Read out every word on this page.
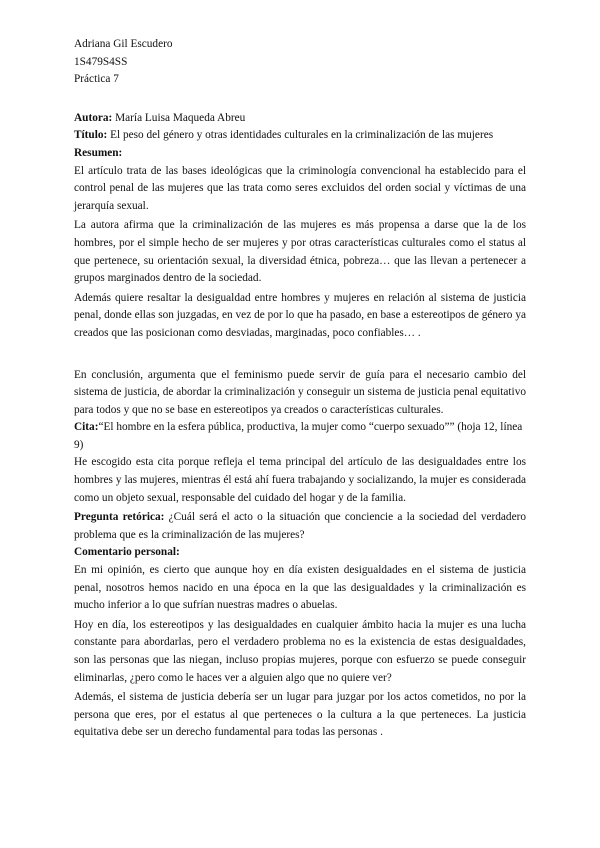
Adriana Gil Escudero

1S479S4SS

Práctica 7

Autora: María Luisa Maqueda Abreu

Título: El peso del género y otras identidades culturales en la criminalización de las mujeres

Resumen:

El artículo trata de las bases ideológicas que la criminología convencional ha establecido para el control penal de las mujeres que las trata como seres excluidos del orden social y víctimas de una jerarquía sexual.

La autora afirma que la criminalización de las mujeres es más propensa a darse que la de los hombres, por el simple hecho de ser mujeres y por otras características culturales como el status al que pertenece, su orientación sexual, la diversidad étnica, pobreza… que las llevan a pertenecer a grupos marginados dentro de la sociedad.

Además quiere resaltar la desigualdad entre hombres y mujeres en relación al sistema de justicia penal, donde ellas son juzgadas, en vez de por lo que ha pasado, en base a estereotipos de género ya creados que las posicionan como desviadas, marginadas, poco confiables… .

En conclusión, argumenta que el feminismo puede servir de guía para el necesario cambio del sistema de justicia, de abordar la criminalización y conseguir un sistema de justicia penal equitativo para todos y que no se base en estereotipos ya creados o características culturales.

Cita:“El hombre en la esfera pública, productiva, la mujer como “cuerpo sexuado”” (hoja 12, línea 9)

He escogido esta cita porque refleja el tema principal del artículo de las desigualdades entre los hombres y las mujeres, mientras él está ahí fuera trabajando y socializando, la mujer es considerada como un objeto sexual, responsable del cuidado del hogar y de la familia.

Pregunta retórica: ¿Cuál será el acto o la situación que conciencie a la sociedad del verdadero problema que es la criminalización de las mujeres?

Comentario personal:

En mi opinión, es cierto que aunque hoy en día existen desigualdades en el sistema de justicia penal, nosotros hemos nacido en una época en la que las desigualdades y la criminalización es mucho inferior a lo que sufrían nuestras madres o abuelas.

Hoy en día, los estereotipos y las desigualdades en cualquier ámbito hacia la mujer es una lucha constante para abordarlas, pero el verdadero problema no es la existencia de estas desigualdades, son las personas que las niegan, incluso propias mujeres, porque con esfuerzo se puede conseguir eliminarlas, ¿pero como le haces ver a alguien algo que no quiere ver?

Además, el sistema de justicia debería ser un lugar para juzgar por los actos cometidos, no por la persona que eres, por el estatus al que perteneces o la cultura a la que perteneces. La justicia equitativa debe ser un derecho fundamental para todas las personas .
